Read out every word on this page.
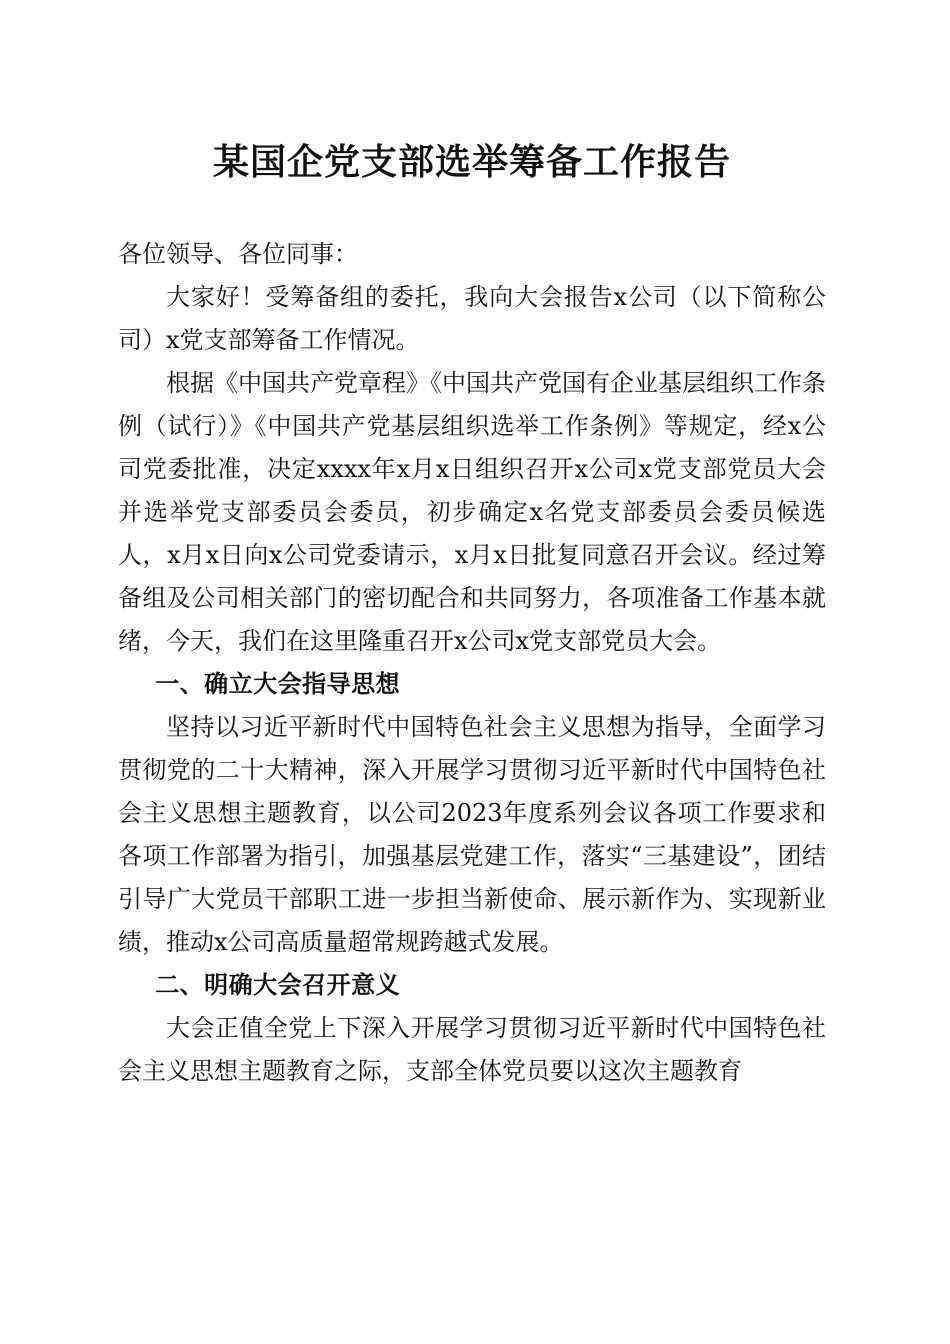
某国企党支部选举筹备工作报告

各位领导、各位同事：

大家好！受筹备组的委托，我向大会报告x公司（以下简称公司）x党支部筹备工作情况。

根据《中国共产党章程》《中国共产党国有企业基层组织工作条例（试行）》《中国共产党基层组织选举工作条例》等规定，经x公司党委批准，决定xxxx年x月x日组织召开x公司x党支部党员大会并选举党支部委员会委员，初步确定x名党支部委员会委员候选人，x月x日向x公司党委请示，x月x日批复同意召开会议。经过筹备组及公司相关部门的密切配合和共同努力，各项准备工作基本就绪，今天，我们在这里隆重召开x公司x党支部党员大会。

一、确立大会指导思想

坚持以习近平新时代中国特色社会主义思想为指导，全面学习贯彻党的二十大精神，深入开展学习贯彻习近平新时代中国特色社会主义思想主题教育，以公司2023年度系列会议各项工作要求和各项工作部署为指引，加强基层党建工作，落实“三基建设”，团结引导广大党员干部职工进一步担当新使命、展示新作为、实现新业绩，推动x公司高质量超常规跨越式发展。

二、明确大会召开意义

大会正值全党上下深入开展学习贯彻习近平新时代中国特色社会主义思想主题教育之际，支部全体党员要以这次主题教育
